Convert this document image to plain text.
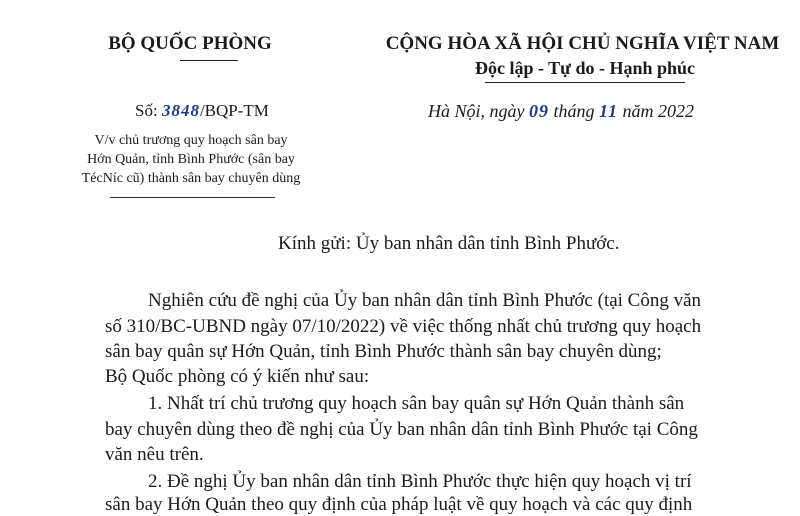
BỘ QUỐC PHÒNG	CỘNG HÒA XÃ HỘI CHỦ NGHĨA VIỆT NAM
Độc lập - Tự do - Hạnh phúc
Số: 3848/BQP-TM	Hà Nội, ngày 09 tháng 11 năm 2022
V/v chủ trương quy hoạch sân bay
Hớn Quản, tỉnh Bình Phước (sân bay
TécNíc cũ) thành sân bay chuyên dùng
Kính gửi: Ủy ban nhân dân tỉnh Bình Phước.
Nghiên cứu đề nghị của Ủy ban nhân dân tỉnh Bình Phước (tại Công văn
số 310/BC-UBND ngày 07/10/2022) về việc thống nhất chủ trương quy hoạch
sân bay quân sự Hớn Quản, tỉnh Bình Phước thành sân bay chuyên dùng;
Bộ Quốc phòng có ý kiến như sau:
1. Nhất trí chủ trương quy hoạch sân bay quân sự Hớn Quản thành sân
bay chuyên dùng theo đề nghị của Ủy ban nhân dân tỉnh Bình Phước tại Công
văn nêu trên.
2. Đề nghị Ủy ban nhân dân tỉnh Bình Phước thực hiện quy hoạch vị trí
sân bay Hớn Quản theo quy định của pháp luật về quy hoạch và các quy định
